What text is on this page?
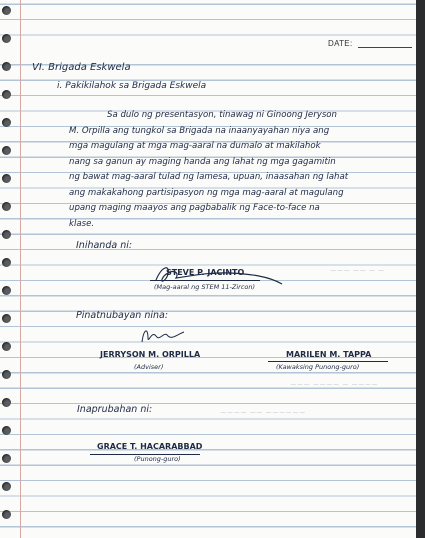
DATE:
VI. Brigada Eskwela
i. Pakikilahok sa Brigada Eskwela

Sa dulo ng presentasyon, tinawag ni Ginoong Jeryson
M. Orpilla ang tungkol sa Brigada na inaanyayahan niya ang
mga magulang at mga mag-aaral na dumalo at makilahok
nang sa ganun ay maging handa ang lahat ng mga gagamitin
ng bawat mag-aaral tulad ng lamesa, upuan, inaasahan ng lahat
ang makakahong partisipasyon ng mga mag-aaral at magulang
upang maging maayos ang pagbabalik ng Face-to-face na
klase.

Inihanda ni:
STEVE P. JACINTO
(Mag-aaral ng STEM 11-Zircon)
Pinatnubayan nina:
JERRYSON M. ORPILLA
(Adviser)
MARILEN M. TAPPA
(Kawaksing Punong-guro)
Inaprubahan ni:
GRACE T. HACARABBAD
(Punong-guro)
~~~ ~~ ~ ~
~~~ ~~~~ ~ ~~~~
~~~~ ~~ ~~~~~~
